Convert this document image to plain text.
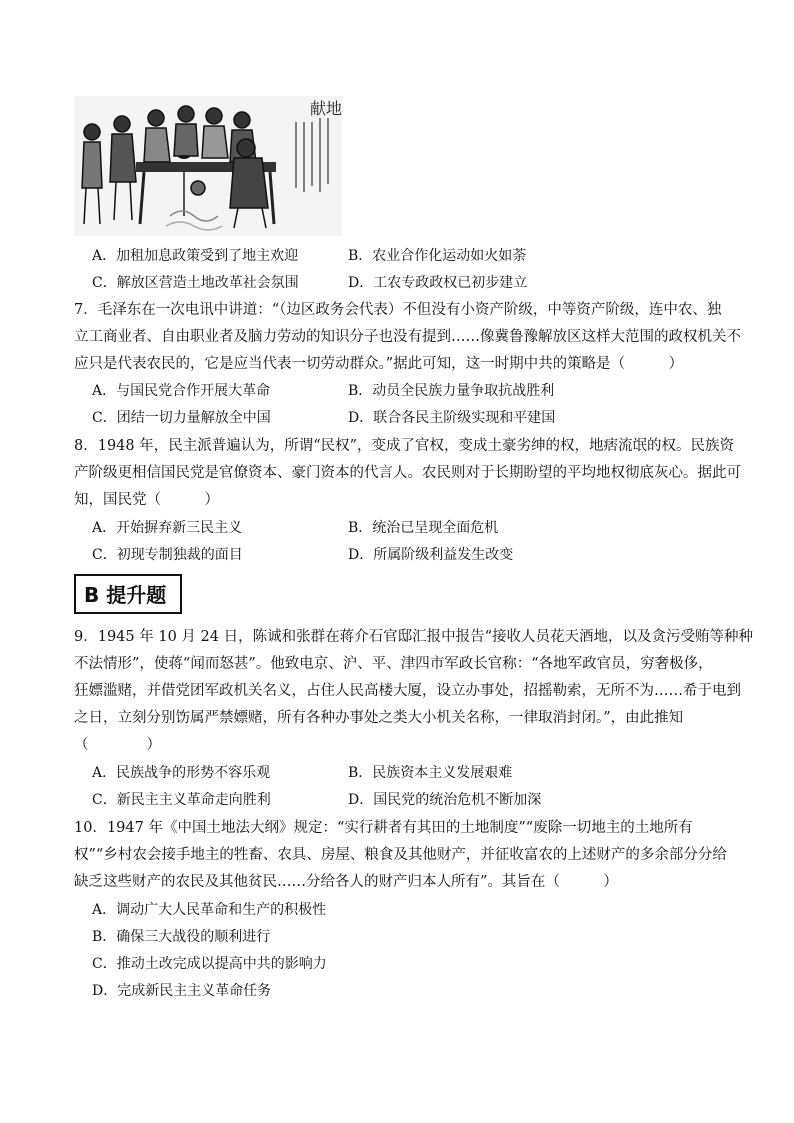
献地
A．加租加息政策受到了地主欢迎	B．农业合作化运动如火如荼
C．解放区营造土地改革社会氛围	D．工农专政政权已初步建立
7．毛泽东在一次电讯中讲道：“（边区政务会代表）不但没有小资产阶级，中等资产阶级，连中农、独
立工商业者、自由职业者及脑力劳动的知识分子也没有提到……像冀鲁豫解放区这样大范围的政权机关不
应只是代表农民的，它是应当代表一切劳动群众。”据此可知，这一时期中共的策略是（　　　）
A．与国民党合作开展大革命	B．动员全民族力量争取抗战胜利
C．团结一切力量解放全中国	D．联合各民主阶级实现和平建国
8．1948 年，民主派普遍认为，所谓“民权”，变成了官权，变成土豪劣绅的权，地痞流氓的权。民族资
产阶级更相信国民党是官僚资本、豪门资本的代言人。农民则对于长期盼望的平均地权彻底灰心。据此可
知，国民党（　　　）
A．开始摒弃新三民主义	B．统治已呈现全面危机
C．初现专制独裁的面目	D．所属阶级利益发生改变
B 提升题
9．1945 年 10 月 24 日，陈诚和张群在蒋介石官邸汇报中报告“接收人员花天酒地，以及贪污受贿等种种
不法情形”，使蒋“闻而怒甚”。他致电京、沪、平、津四市军政长官称：“各地军政官员，穷奢极侈，
狂嫖滥赌，并借党团军政机关名义，占住人民高楼大厦，设立办事处，招摇勒索，无所不为……希于电到
之日，立刻分别饬属严禁嫖赌，所有各种办事处之类大小机关名称，一律取消封闭。”，由此推知
（　　　　）
A．民族战争的形势不容乐观	B．民族资本主义发展艰难
C．新民主主义革命走向胜利	D．国民党的统治危机不断加深
10．1947 年《中国土地法大纲》规定：“实行耕者有其田的土地制度”“废除一切地主的土地所有
权”“乡村农会接手地主的牲畜、农具、房屋、粮食及其他财产，并征收富农的上述财产的多余部分分给
缺乏这些财产的农民及其他贫民……分给各人的财产归本人所有”。其旨在（　　　）
A．调动广大人民革命和生产的积极性
B．确保三大战役的顺利进行
C．推动土改完成以提高中共的影响力
D．完成新民主主义革命任务
